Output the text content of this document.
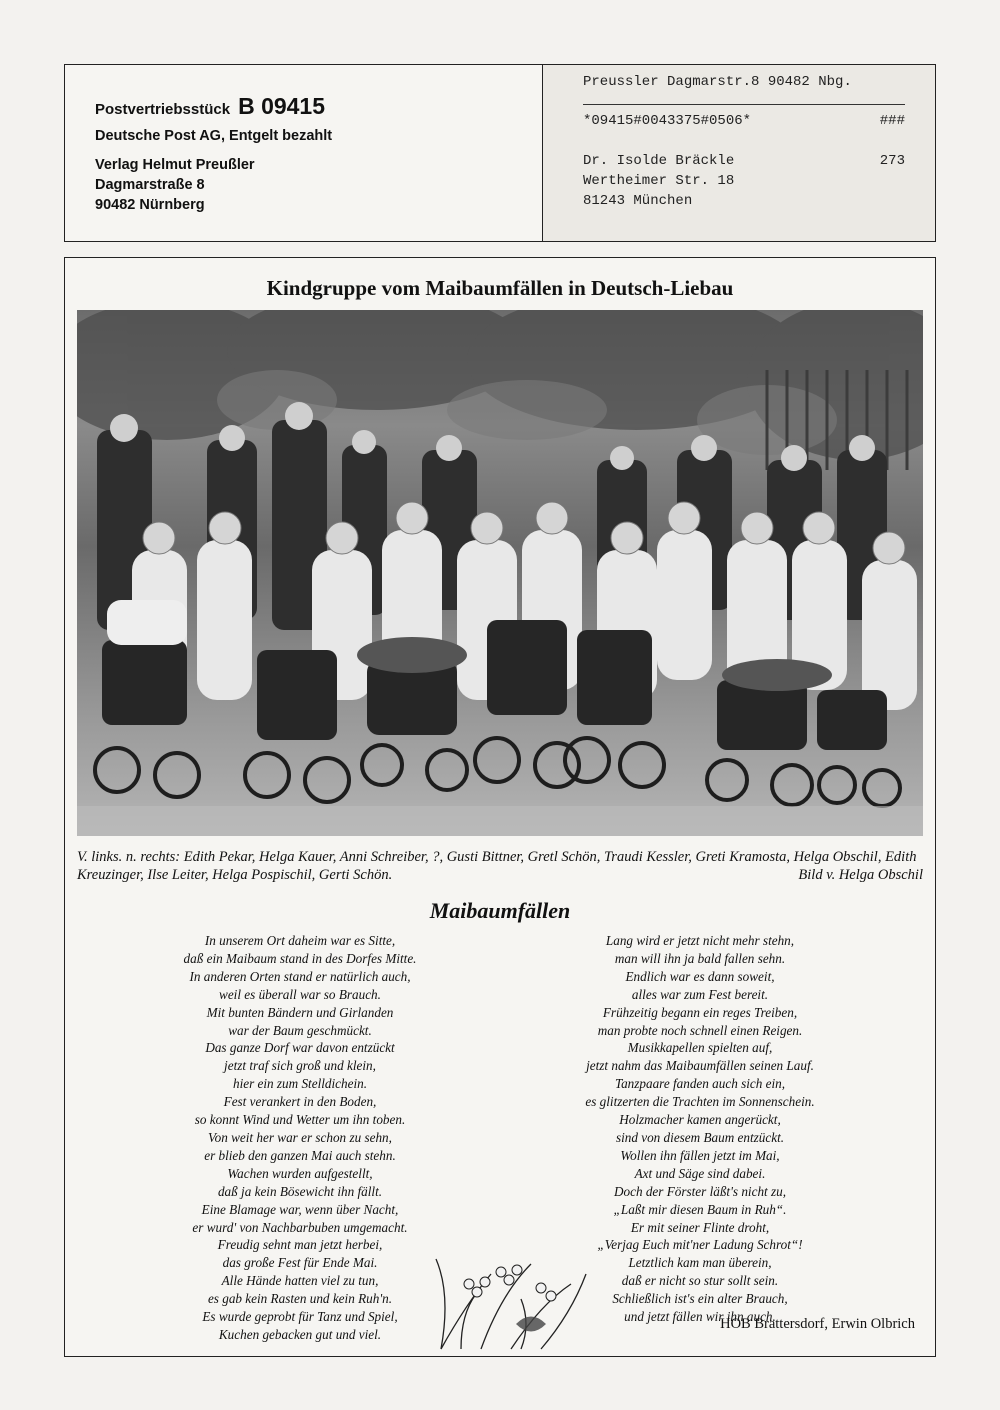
Postvertriebsstück B 09415
Deutsche Post AG, Entgelt bezahlt
Verlag Helmut Preußler
Dagmarstraße 8
90482 Nürnberg
Preussler Dagmarstr.8 90482 Nbg.
*09415#0043375#0506*	###
Dr. Isolde Bräckle	273
Wertheimer Str. 18
81243 München
Kindgruppe vom Maibaumfällen in Deutsch-Liebau
V. links. n. rechts: Edith Pekar, Helga Kauer, Anni Schreiber, ?, Gusti Bittner, Gretl Schön, Traudi Kessler, Greti Kramosta, Helga Obschil, Edith Kreuzinger, Ilse Leiter, Helga Pospischil, Gerti Schön.	Bild v. Helga Obschil
Maibaumfällen
In unserem Ort daheim war es Sitte,
daß ein Maibaum stand in des Dorfes Mitte.
In anderen Orten stand er natürlich auch,
weil es überall war so Brauch.
Mit bunten Bändern und Girlanden
war der Baum geschmückt.
Das ganze Dorf war davon entzückt
jetzt traf sich groß und klein,
hier ein zum Stelldichein.
Fest verankert in den Boden,
so konnt Wind und Wetter um ihn toben.
Von weit her war er schon zu sehn,
er blieb den ganzen Mai auch stehn.
Wachen wurden aufgestellt,
daß ja kein Bösewicht ihn fällt.
Eine Blamage war, wenn über Nacht,
er wurd' von Nachbarbuben umgemacht.
Freudig sehnt man jetzt herbei,
das große Fest für Ende Mai.
Alle Hände hatten viel zu tun,
es gab kein Rasten und kein Ruh'n.
Es wurde geprobt für Tanz und Spiel,
Kuchen gebacken gut und viel.
Lang wird er jetzt nicht mehr stehn,
man will ihn ja bald fallen sehn.
Endlich war es dann soweit,
alles war zum Fest bereit.
Frühzeitig begann ein reges Treiben,
man probte noch schnell einen Reigen.
Musikkapellen spielten auf,
jetzt nahm das Maibaumfällen seinen Lauf.
Tanzpaare fanden auch sich ein,
es glitzerten die Trachten im Sonnenschein.
Holzmacher kamen angerückt,
sind von diesem Baum entzückt.
Wollen ihn fällen jetzt im Mai,
Axt und Säge sind dabei.
Doch der Förster läßt's nicht zu,
„Laßt mir diesen Baum in Ruh“.
Er mit seiner Flinte droht,
„Verjag Euch mit'ner Ladung Schrot“!
Letztlich kam man überein,
daß er nicht so stur sollt sein.
Schließlich ist's ein alter Brauch,
und jetzt fällen wir ihn auch.
HOB Brattersdorf, Erwin Olbrich
